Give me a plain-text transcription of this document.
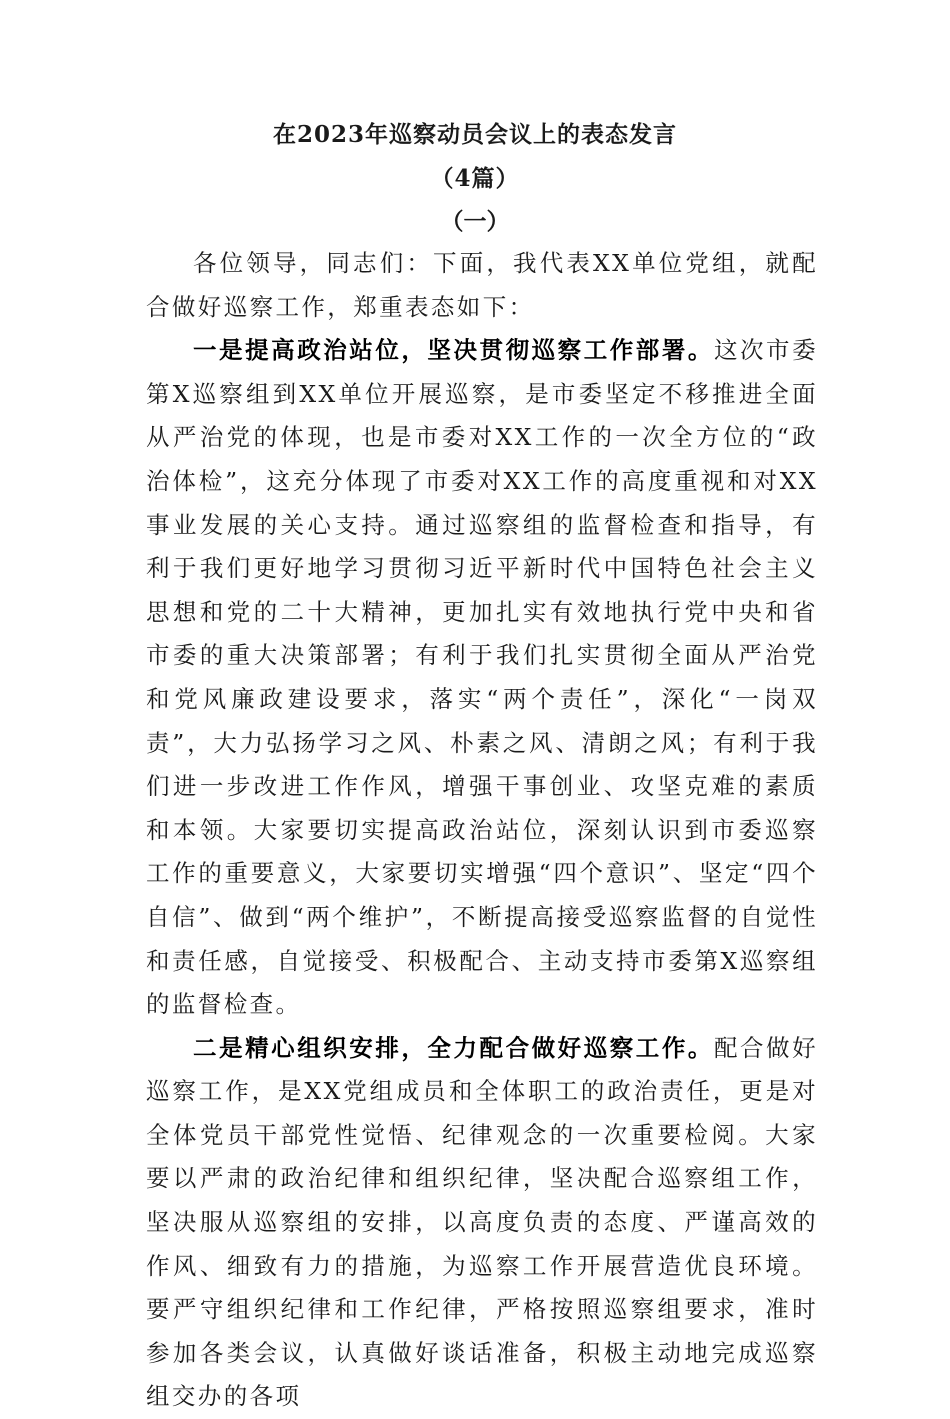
在2023年巡察动员会议上的表态发言
（4篇）
（一）

各位领导，同志们：下面，我代表XX单位党组，就配合做好巡察工作，郑重表态如下：

一是提高政治站位，坚决贯彻巡察工作部署。这次市委第X巡察组到XX单位开展巡察，是市委坚定不移推进全面从严治党的体现，也是市委对XX工作的一次全方位的“政治体检”，这充分体现了市委对XX工作的高度重视和对XX事业发展的关心支持。通过巡察组的监督检查和指导，有利于我们更好地学习贯彻习近平新时代中国特色社会主义思想和党的二十大精神，更加扎实有效地执行党中央和省市委的重大决策部署；有利于我们扎实贯彻全面从严治党和党风廉政建设要求，落实“两个责任”，深化“一岗双责”，大力弘扬学习之风、朴素之风、清朗之风；有利于我们进一步改进工作作风，增强干事创业、攻坚克难的素质和本领。大家要切实提高政治站位，深刻认识到市委巡察工作的重要意义，大家要切实增强“四个意识”、坚定“四个自信”、做到“两个维护”，不断提高接受巡察监督的自觉性和责任感，自觉接受、积极配合、主动支持市委第X巡察组的监督检查。

二是精心组织安排，全力配合做好巡察工作。配合做好巡察工作，是XX党组成员和全体职工的政治责任，更是对全体党员干部党性觉悟、纪律观念的一次重要检阅。大家要以严肃的政治纪律和组织纪律，坚决配合巡察组工作，坚决服从巡察组的安排，以高度负责的态度、严谨高效的作风、细致有力的措施，为巡察工作开展营造优良环境。要严守组织纪律和工作纪律，严格按照巡察组要求，准时参加各类会议，认真做好谈话准备，积极主动地完成巡察组交办的各项
